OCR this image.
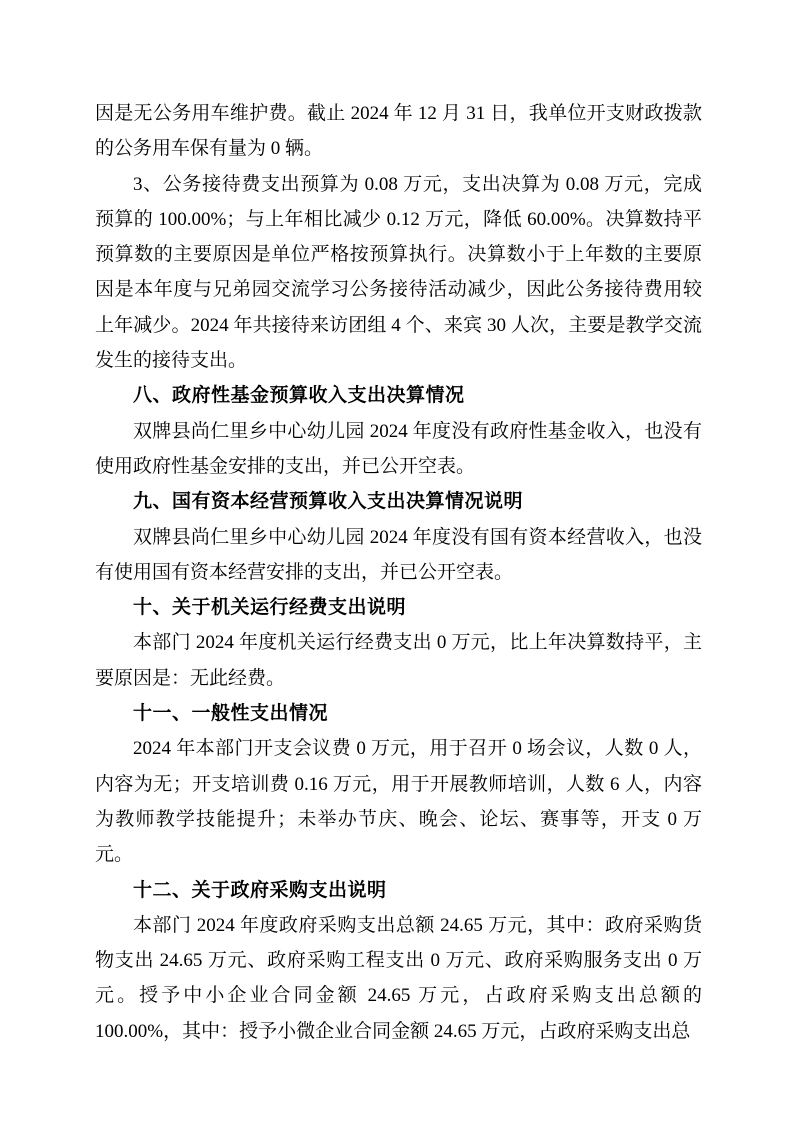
因是无公务用车维护费。截止 2024 年 12 月 31 日，我单位开支财政拨款的公务用车保有量为 0 辆。

3、公务接待费支出预算为 0.08 万元，支出决算为 0.08 万元，完成预算的 100.00%；与上年相比减少 0.12 万元，降低 60.00%。决算数持平预算数的主要原因是单位严格按预算执行。决算数小于上年数的主要原因是本年度与兄弟园交流学习公务接待活动减少，因此公务接待费用较上年减少。2024 年共接待来访团组 4 个、来宾 30 人次，主要是教学交流发生的接待支出。

八、政府性基金预算收入支出决算情况

双牌县尚仁里乡中心幼儿园 2024 年度没有政府性基金收入，也没有使用政府性基金安排的支出，并已公开空表。

九、国有资本经营预算收入支出决算情况说明

双牌县尚仁里乡中心幼儿园 2024 年度没有国有资本经营收入，也没有使用国有资本经营安排的支出，并已公开空表。

十、关于机关运行经费支出说明

本部门 2024 年度机关运行经费支出 0 万元，比上年决算数持平，主要原因是：无此经费。

十一、一般性支出情况

2024 年本部门开支会议费 0 万元，用于召开 0 场会议，人数 0 人，内容为无；开支培训费 0.16 万元，用于开展教师培训，人数 6 人，内容为教师教学技能提升；未举办节庆、晚会、论坛、赛事等，开支 0 万元。

十二、关于政府采购支出说明

本部门 2024 年度政府采购支出总额 24.65 万元，其中：政府采购货物支出 24.65 万元、政府采购工程支出 0 万元、政府采购服务支出 0 万元。授予中小企业合同金额 24.65 万元，占政府采购支出总额的 100.00%，其中：授予小微企业合同金额 24.65 万元，占政府采购支出总
